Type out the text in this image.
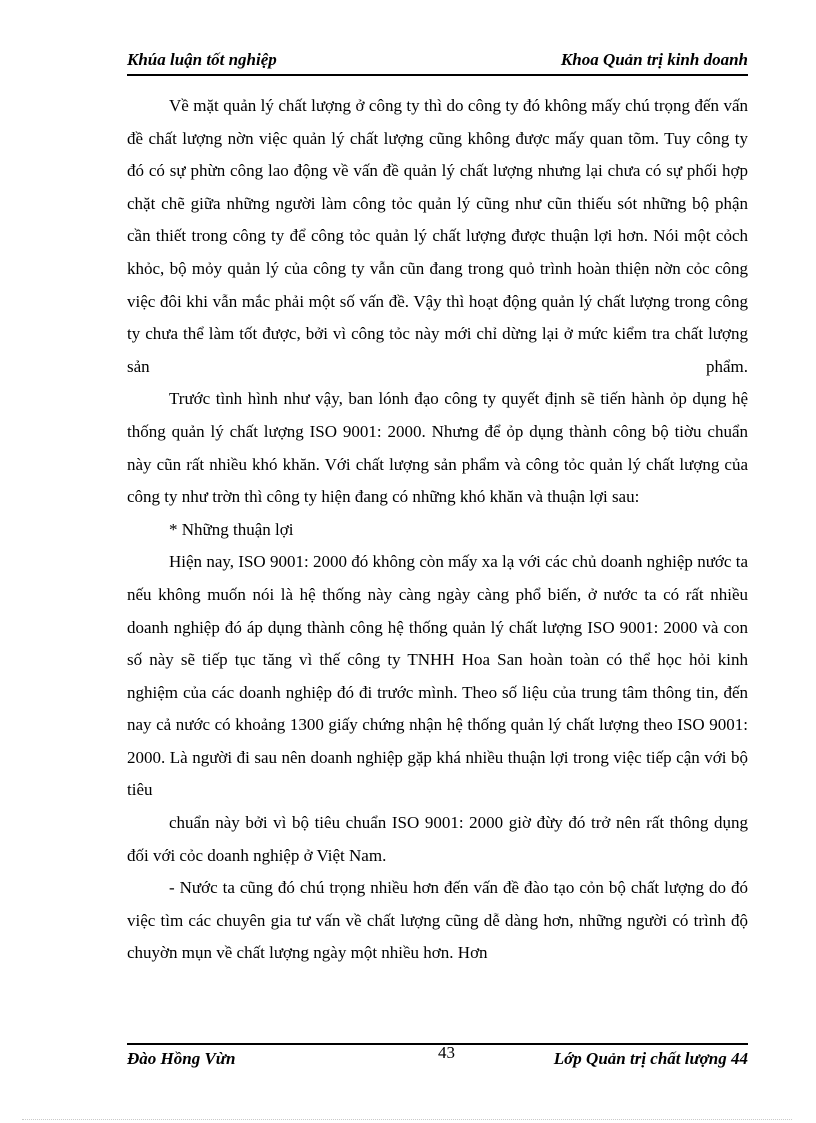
Khúa luận tốt nghiệp	Khoa Quản trị kinh doanh

Về mặt quản lý chất lượng ở công ty thì do công ty đó không mấy chú trọng đến vấn đề chất lượng nờn việc quản lý chất lượng cũng không được mấy quan tõm. Tuy công ty đó có sự phừn công lao động về vấn đề quản lý chất lượng nhưng lại chưa có sự phối hợp chặt chẽ giữa những người làm công tỏc quản lý cũng như cũn thiếu sót những bộ phận cần thiết trong công ty để công tỏc quản lý chất lượng được thuận lợi hơn. Nói một cỏch khỏc, bộ mỏy quản lý của công ty vẫn cũn đang trong quỏ trình hoàn thiện nờn cỏc công việc đôi khi vẫn mắc phải một số vấn đề. Vậy thì hoạt động quản lý chất lượng trong công ty chưa thể làm tốt được, bởi vì công tỏc này mới chỉ dừng lại ở mức kiểm tra chất lượng sản phẩm.

Trước tình hình như vậy, ban lónh đạo công ty quyết định sẽ tiến hành ỏp dụng hệ thống quản lý chất lượng ISO 9001: 2000. Nhưng để ỏp dụng thành công bộ tiờu chuẩn này cũn rất nhiều khó khăn. Với chất lượng sản phẩm và công tỏc quản lý chất lượng của công ty như trờn thì công ty hiện đang có những khó khăn và thuận lợi sau:

* Những thuận lợi

Hiện nay, ISO 9001: 2000 đó không còn mấy xa lạ với các chủ doanh nghiệp nước ta nếu không muốn nói là hệ thống này càng ngày càng phổ biến, ở nước ta có rất nhiều doanh nghiệp đó áp dụng thành công hệ thống quản lý chất lượng ISO 9001: 2000 và con số này sẽ tiếp tục tăng vì thế công ty TNHH Hoa San hoàn toàn có thể học hỏi kinh nghiệm của các doanh nghiệp đó đi trước mình. Theo số liệu của trung tâm thông tin, đến nay cả nước có khoảng 1300 giấy chứng nhận hệ thống quản lý chất lượng theo ISO 9001: 2000. Là người đi sau nên doanh nghiệp gặp khá nhiều thuận lợi trong việc tiếp cận với bộ tiêu

chuẩn này bởi vì bộ tiêu chuẩn ISO 9001: 2000 giờ đừy đó trở nên rất thông dụng đối với cỏc doanh nghiệp ở Việt Nam.

- Nước ta cũng đó chú trọng nhiều hơn đến vấn đề đào tạo cỏn bộ chất lượng do đó việc tìm các chuyên gia tư vấn về chất lượng cũng dễ dàng hơn, những người có trình độ chuyờn mụn về chất lượng ngày một nhiều hơn. Hơn

Đào Hồng Vừn	43	Lớp Quản trị chất lượng 44
